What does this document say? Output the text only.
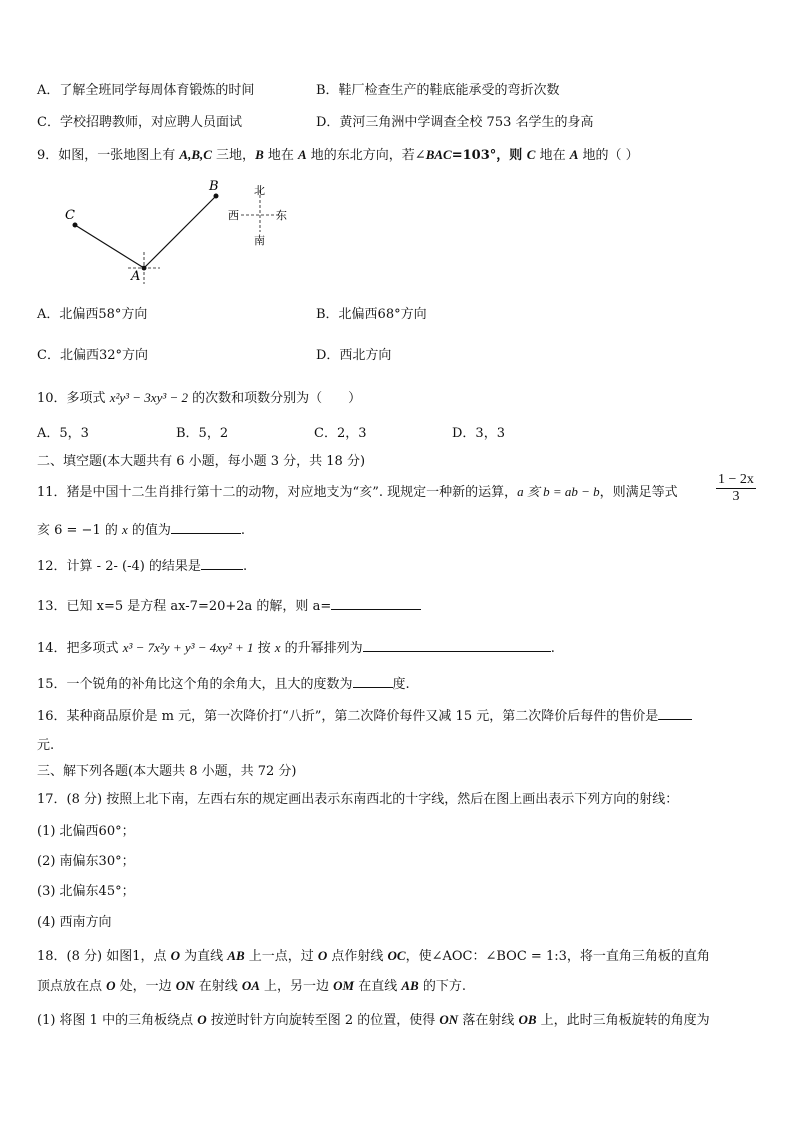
A．了解全班同学每周体育锻炼的时间	B．鞋厂检查生产的鞋底能承受的弯折次数
C．学校招聘教师，对应聘人员面试	D．黄河三角洲中学调查全校 753 名学生的身高
9．如图，一张地图上有 A,B,C 三地，B 地在 A 地的东北方向，若∠BAC=103°，则 C 地在 A 地的（ ）
B
C
A
北
南
西	东
A．北偏西58°方向	B．北偏西68°方向
C．北偏西32°方向	D．西北方向
10．多项式 x²y³ − 3xy³ − 2 的次数和项数分别为（　　）
A．5，3	B．5，2	C．2，3	D．3，3
二、填空题(本大题共有 6 小题，每小题 3 分，共 18 分)
11．猪是中国十二生肖排行第十二的动物，对应地支为“亥”. 现规定一种新的运算，a 亥 b = ab − b，则满足等式	$\frac{1 - 2x}{3}$
亥 6 = −1 的 x 的值为	.
12．计算 - 2- (-4) 的结果是	.
13．已知 x=5 是方程 ax-7=20+2a 的解，则 a=
14．把多项式 x³ − 7x²y + y³ − 4xy² + 1 按 x 的升幂排列为	.
15．一个锐角的补角比这个角的余角大，且大的度数为	度.
16．某种商品原价是 m 元，第一次降价打“八折”，第二次降价每件又减 15 元，第二次降价后每件的售价是
元.
三、解下列各题(本大题共 8 小题，共 72 分)
17．(8 分) 按照上北下南，左西右东的规定画出表示东南西北的十字线，然后在图上画出表示下列方向的射线：
(1) 北偏西60°；
(2) 南偏东30°；
(3) 北偏东45°；
(4) 西南方向
18．(8 分) 如图1，点 O 为直线 AB 上一点，过 O 点作射线 OC，使∠AOC：∠BOC = 1:3，将一直角三角板的直角
顶点放在点 O 处，一边 ON 在射线 OA 上，另一边 OM 在直线 AB 的下方.
(1) 将图 1 中的三角板绕点 O 按逆时针方向旋转至图 2 的位置，使得 ON 落在射线 OB 上，此时三角板旋转的角度为
